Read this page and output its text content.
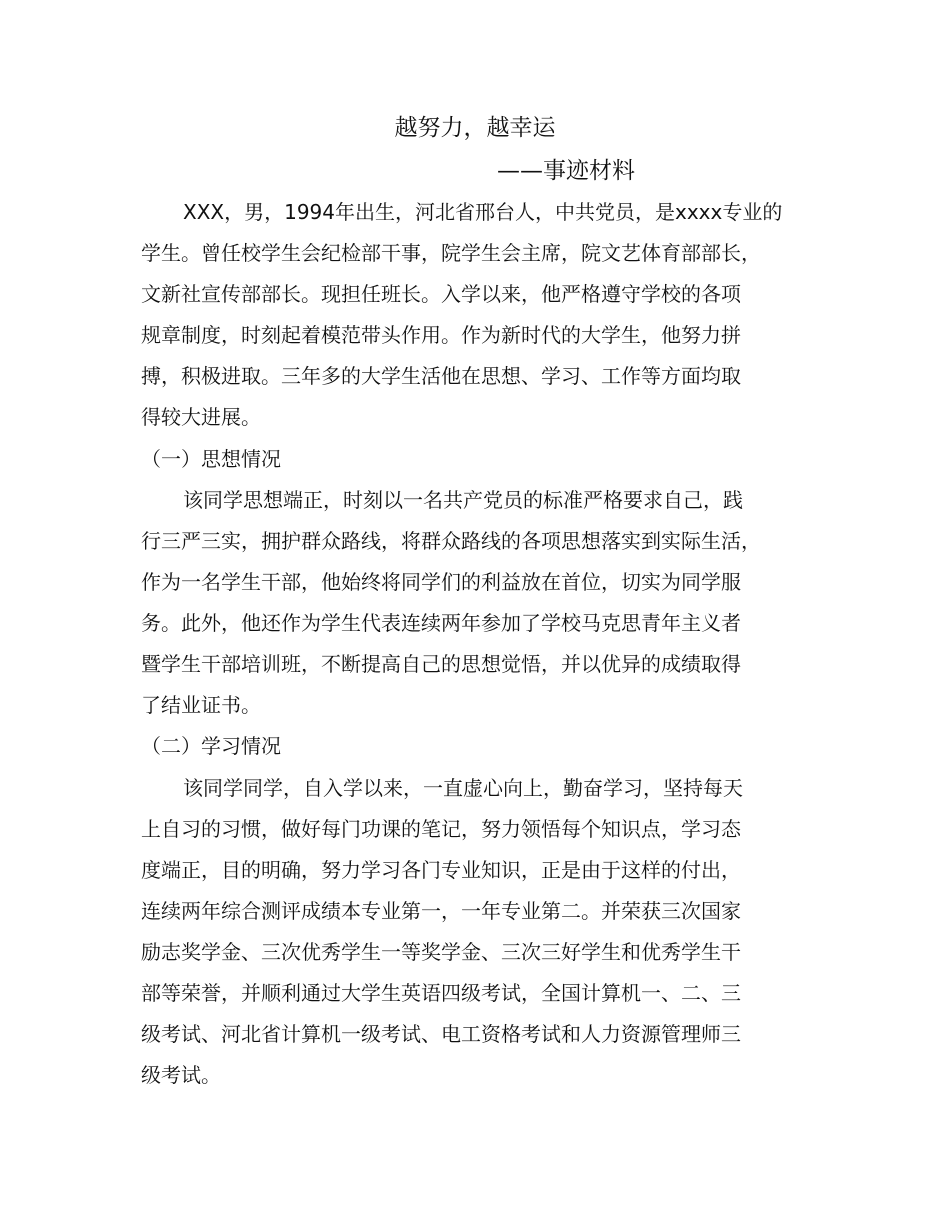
越努力，越幸运
——事迹材料
XXX，男，1994年出生，河北省邢台人，中共党员，是xxxx专业的
学生。曾任校学生会纪检部干事，院学生会主席，院文艺体育部部长，
文新社宣传部部长。现担任班长。入学以来，他严格遵守学校的各项
规章制度，时刻起着模范带头作用。作为新时代的大学生，他努力拼
搏，积极进取。三年多的大学生活他在思想、学习、工作等方面均取
得较大进展。
（一）思想情况
该同学思想端正，时刻以一名共产党员的标准严格要求自己，践
行三严三实，拥护群众路线，将群众路线的各项思想落实到实际生活，
作为一名学生干部，他始终将同学们的利益放在首位，切实为同学服
务。此外，他还作为学生代表连续两年参加了学校马克思青年主义者
暨学生干部培训班，不断提高自己的思想觉悟，并以优异的成绩取得
了结业证书。
（二）学习情况
该同学同学，自入学以来，一直虚心向上，勤奋学习，坚持每天
上自习的习惯，做好每门功课的笔记，努力领悟每个知识点，学习态
度端正，目的明确，努力学习各门专业知识，正是由于这样的付出，
连续两年综合测评成绩本专业第一，一年专业第二。并荣获三次国家
励志奖学金、三次优秀学生一等奖学金、三次三好学生和优秀学生干
部等荣誉，并顺利通过大学生英语四级考试，全国计算机一、二、三
级考试、河北省计算机一级考试、电工资格考试和人力资源管理师三
级考试。
